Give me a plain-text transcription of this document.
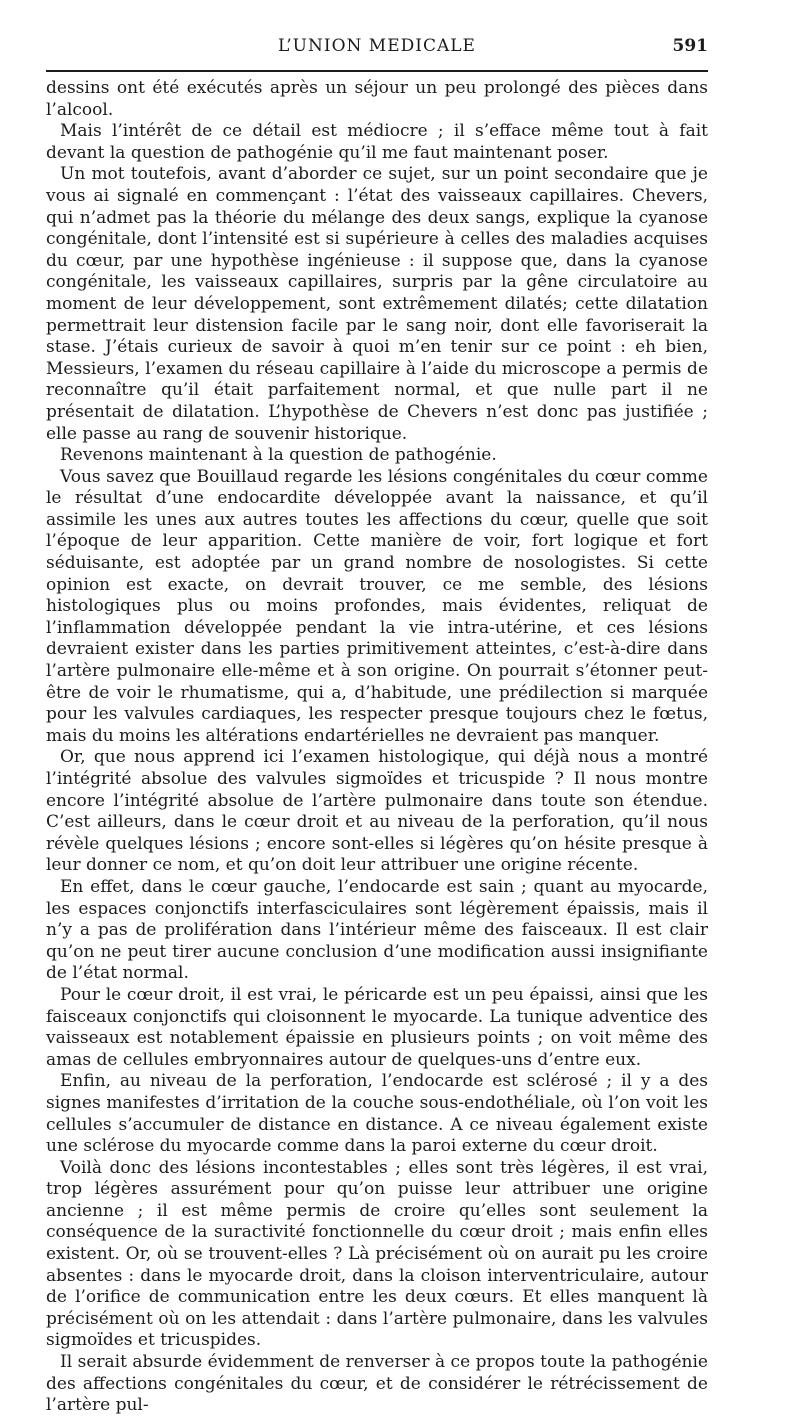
L’UNION MEDICALE	591

dessins ont été exécutés après un séjour un peu prolongé des pièces dans l’alcool.

Mais l’intérêt de ce détail est médiocre ; il s’efface même tout à fait devant la question de pathogénie qu’il me faut maintenant poser.

Un mot toutefois, avant d’aborder ce sujet, sur un point secondaire que je vous ai signalé en commençant : l’état des vaisseaux capillaires. Chevers, qui n’admet pas la théorie du mélange des deux sangs, explique la cyanose congénitale, dont l’intensité est si supérieure à celles des maladies acquises du cœur, par une hypothèse ingénieuse : il suppose que, dans la cyanose congénitale, les vaisseaux capillaires, surpris par la gêne circulatoire au moment de leur développement, sont extrêmement dilatés; cette dilatation permettrait leur distension facile par le sang noir, dont elle favoriserait la stase. J’étais curieux de savoir à quoi m’en tenir sur ce point : eh bien, Messieurs, l’examen du réseau capillaire à l’aide du microscope a permis de reconnaître qu’il était parfaitement normal, et que nulle part il ne présentait de dilatation. L’hypothèse de Chevers n’est donc pas justifiée ; elle passe au rang de souvenir historique.

Revenons maintenant à la question de pathogénie.

Vous savez que Bouillaud regarde les lésions congénitales du cœur comme le résultat d’une endocardite développée avant la naissance, et qu’il assimile les unes aux autres toutes les affections du cœur, quelle que soit l’époque de leur apparition. Cette manière de voir, fort logique et fort séduisante, est adoptée par un grand nombre de nosologistes. Si cette opinion est exacte, on devrait trouver, ce me semble, des lésions histologiques plus ou moins profondes, mais évidentes, reliquat de l’inflammation développée pendant la vie intra-utérine, et ces lésions devraient exister dans les parties primitivement atteintes, c’est-à-dire dans l’artère pulmonaire elle-même et à son origine. On pourrait s’étonner peut-être de voir le rhumatisme, qui a, d’habitude, une prédilection si marquée pour les valvules cardiaques, les respecter presque toujours chez le fœtus, mais du moins les altérations endartérielles ne devraient pas manquer.

Or, que nous apprend ici l’examen histologique, qui déjà nous a montré l’intégrité absolue des valvules sigmoïdes et tricuspide ? Il nous montre encore l’intégrité absolue de l’artère pulmonaire dans toute son étendue. C’est ailleurs, dans le cœur droit et au niveau de la perforation, qu’il nous révèle quelques lésions ; encore sont-elles si légères qu’on hésite presque à leur donner ce nom, et qu’on doit leur attribuer une origine récente.

En effet, dans le cœur gauche, l’endocarde est sain ; quant au myocarde, les espaces conjonctifs interfasciculaires sont légèrement épaissis, mais il n’y a pas de prolifération dans l’intérieur même des faisceaux. Il est clair qu’on ne peut tirer aucune conclusion d’une modification aussi insignifiante de l’état normal.

Pour le cœur droit, il est vrai, le péricarde est un peu épaissi, ainsi que les faisceaux conjonctifs qui cloisonnent le myocarde. La tunique adventice des vaisseaux est notablement épaissie en plusieurs points ; on voit même des amas de cellules embryonnaires autour de quelques-uns d’entre eux.

Enfin, au niveau de la perforation, l’endocarde est sclérosé ; il y a des signes manifestes d’irritation de la couche sous-endothéliale, où l’on voit les cellules s’accumuler de distance en distance. A ce niveau également existe une sclérose du myocarde comme dans la paroi externe du cœur droit.

Voilà donc des lésions incontestables ; elles sont très légères, il est vrai, trop légères assurément pour qu’on puisse leur attribuer une origine ancienne ; il est même permis de croire qu’elles sont seulement la conséquence de la suractivité fonctionnelle du cœur droit ; mais enfin elles existent. Or, où se trouvent-elles ? Là précisément où on aurait pu les croire absentes : dans le myocarde droit, dans la cloison interventriculaire, autour de l’orifice de communication entre les deux cœurs. Et elles manquent là précisément où on les attendait : dans l’artère pulmonaire, dans les valvules sigmoïdes et tricuspides.

Il serait absurde évidemment de renverser à ce propos toute la pathogénie des affections congénitales du cœur, et de considérer le rétrécissement de l’artère pul-
